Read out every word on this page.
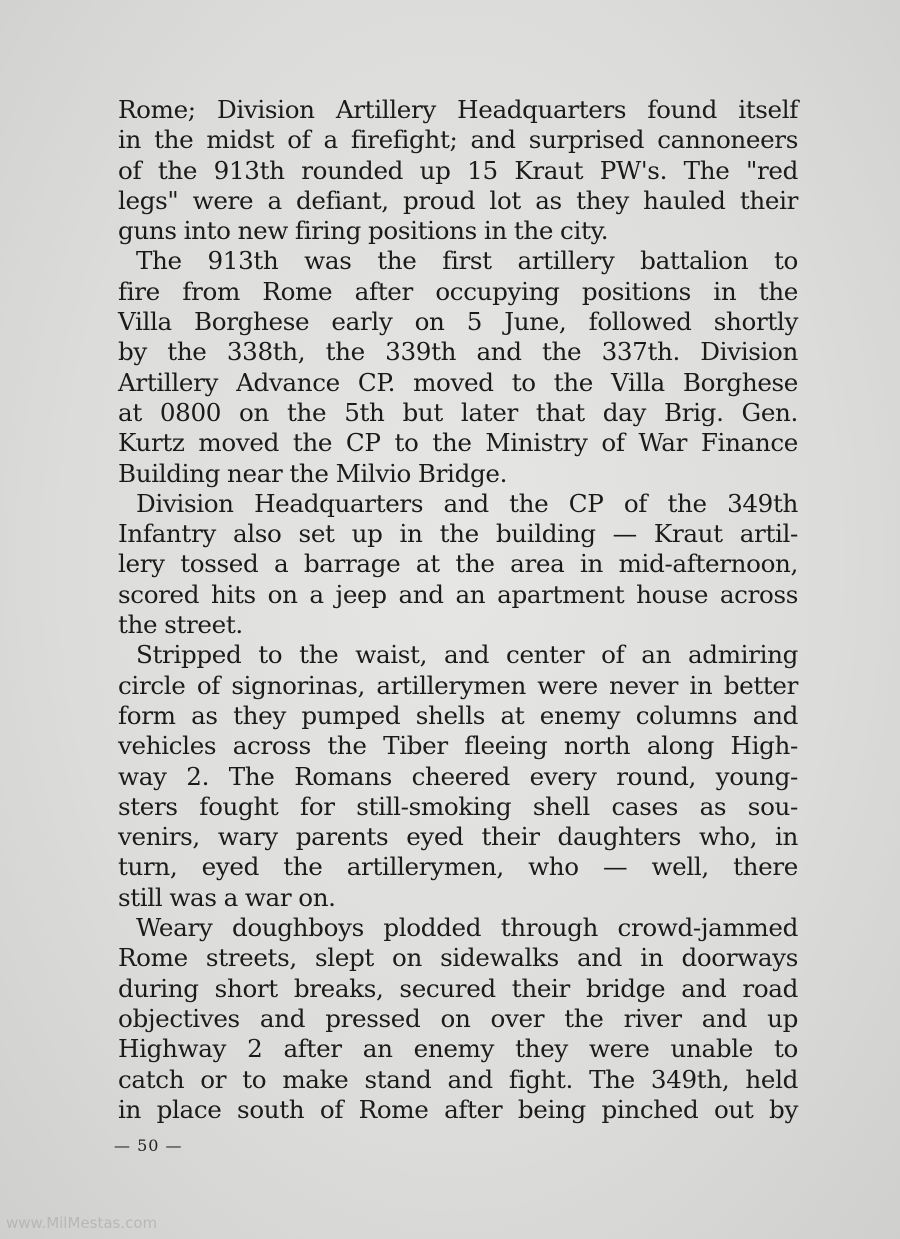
Rome; Division Artillery Headquarters found itself
in the midst of a firefight; and surprised cannoneers
of the 913th rounded up 15 Kraut PW's. The "red
legs" were a defiant, proud lot as they hauled their
guns into new firing positions in the city.
The 913th was the first artillery battalion to
fire from Rome after occupying positions in the
Villa Borghese early on 5 June, followed shortly
by the 338th, the 339th and the 337th. Division
Artillery Advance CP. moved to the Villa Borghese
at 0800 on the 5th but later that day Brig. Gen.
Kurtz moved the CP to the Ministry of War Finance
Building near the Milvio Bridge.
Division Headquarters and the CP of the 349th
Infantry also set up in the building — Kraut artil-
lery tossed a barrage at the area in mid-afternoon,
scored hits on a jeep and an apartment house across
the street.
Stripped to the waist, and center of an admiring
circle of signorinas, artillerymen were never in better
form as they pumped shells at enemy columns and
vehicles across the Tiber fleeing north along High-
way 2. The Romans cheered every round, young-
sters fought for still-smoking shell cases as sou-
venirs, wary parents eyed their daughters who, in
turn, eyed the artillerymen, who — well, there
still was a war on.
Weary doughboys plodded through crowd-jammed
Rome streets, slept on sidewalks and in doorways
during short breaks, secured their bridge and road
objectives and pressed on over the river and up
Highway 2 after an enemy they were unable to
catch or to make stand and fight. The 349th, held
in place south of Rome after being pinched out by
— 50 —
www.MilMestas.com
